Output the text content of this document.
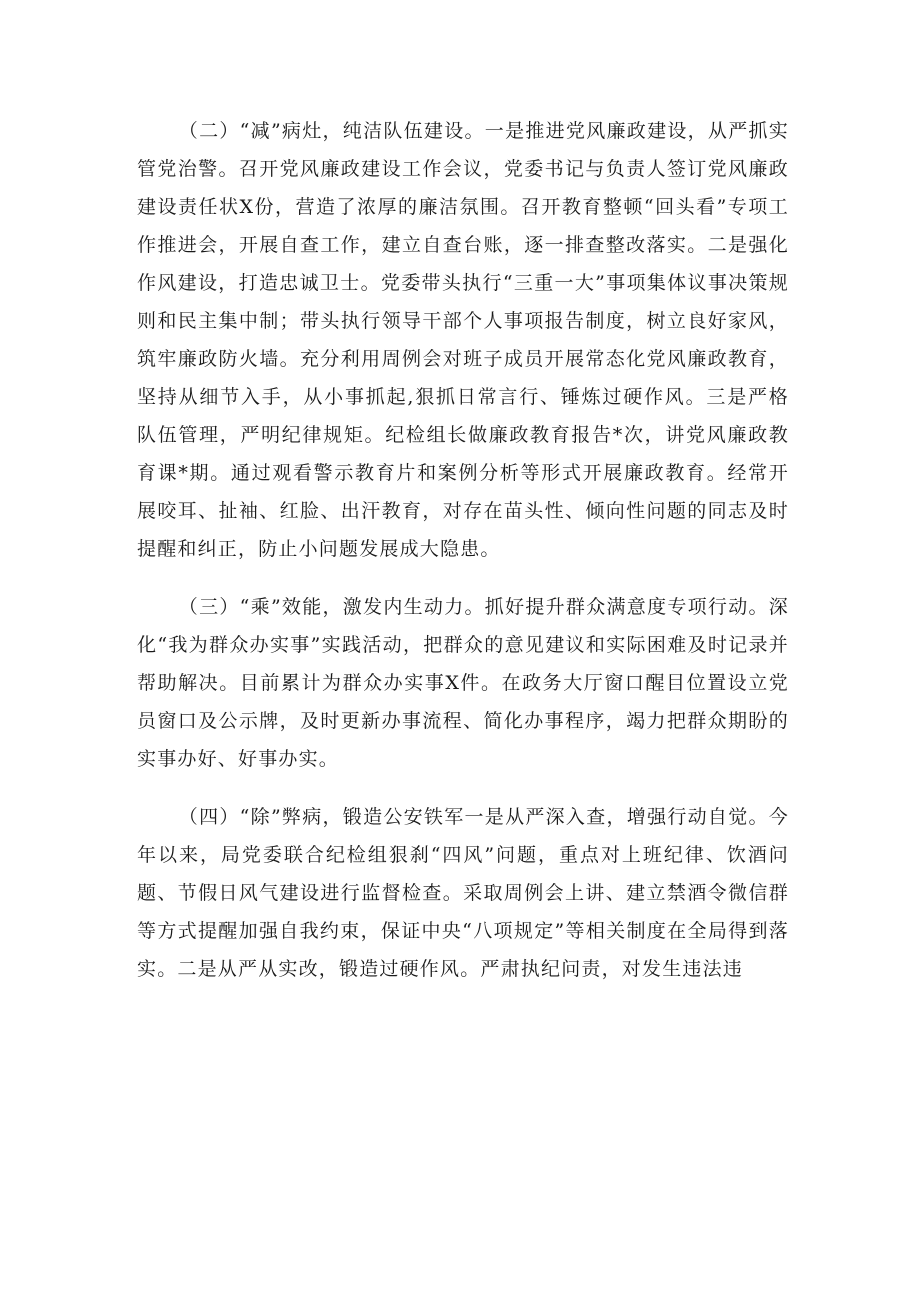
（二）“减”病灶，纯洁队伍建设。一是推进党风廉政建设，从严抓实管党治警。召开党风廉政建设工作会议，党委书记与负责人签订党风廉政建设责任状X份，营造了浓厚的廉洁氛围。召开教育整顿“回头看”专项工作推进会，开展自查工作，建立自查台账，逐一排查整改落实。二是强化作风建设，打造忠诚卫士。党委带头执行“三重一大”事项集体议事决策规则和民主集中制；带头执行领导干部个人事项报告制度，树立良好家风，筑牢廉政防火墙。充分利用周例会对班子成员开展常态化党风廉政教育，坚持从细节入手，从小事抓起,狠抓日常言行、锤炼过硬作风。三是严格队伍管理，严明纪律规矩。纪检组长做廉政教育报告*次，讲党风廉政教育课*期。通过观看警示教育片和案例分析等形式开展廉政教育。经常开展咬耳、扯袖、红脸、出汗教育，对存在苗头性、倾向性问题的同志及时提醒和纠正，防止小问题发展成大隐患。

（三）“乘”效能，激发内生动力。抓好提升群众满意度专项行动。深化“我为群众办实事”实践活动，把群众的意见建议和实际困难及时记录并帮助解决。目前累计为群众办实事X件。在政务大厅窗口醒目位置设立党员窗口及公示牌，及时更新办事流程、简化办事程序，竭力把群众期盼的实事办好、好事办实。

（四）“除”弊病，锻造公安铁军一是从严深入查，增强行动自觉。今年以来，局党委联合纪检组狠刹“四风”问题，重点对上班纪律、饮酒问题、节假日风气建设进行监督检查。采取周例会上讲、建立禁酒令微信群等方式提醒加强自我约束，保证中央“八项规定”等相关制度在全局得到落实。二是从严从实改，锻造过硬作风。严肃执纪问责，对发生违法违
